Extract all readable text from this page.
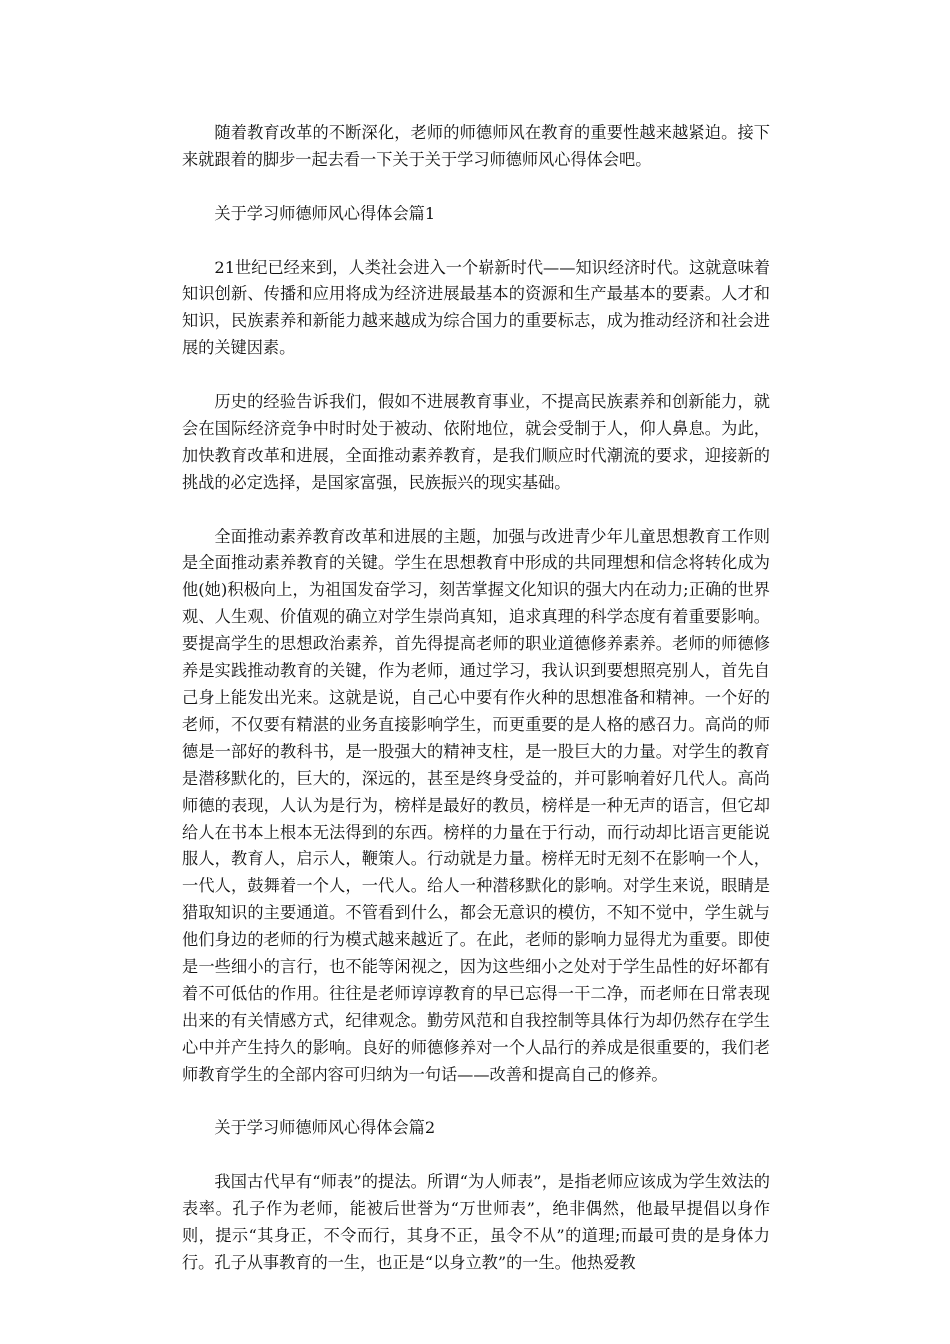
随着教育改革的不断深化，老师的师德师风在教育的重要性越来越紧迫。接下来就跟着的脚步一起去看一下关于关于学习师德师风心得体会吧。

关于学习师德师风心得体会篇1

21世纪已经来到，人类社会进入一个崭新时代——知识经济时代。这就意味着知识创新、传播和应用将成为经济进展最基本的资源和生产最基本的要素。人才和知识，民族素养和新能力越来越成为综合国力的重要标志，成为推动经济和社会进展的关键因素。

历史的经验告诉我们，假如不进展教育事业，不提高民族素养和创新能力，就会在国际经济竞争中时时处于被动、依附地位，就会受制于人，仰人鼻息。为此，加快教育改革和进展，全面推动素养教育，是我们顺应时代潮流的要求，迎接新的挑战的必定选择，是国家富强，民族振兴的现实基础。

全面推动素养教育改革和进展的主题，加强与改进青少年儿童思想教育工作则是全面推动素养教育的关键。学生在思想教育中形成的共同理想和信念将转化成为他(她)积极向上，为祖国发奋学习，刻苦掌握文化知识的强大内在动力;正确的世界观、人生观、价值观的确立对学生崇尚真知，追求真理的科学态度有着重要影响。要提高学生的思想政治素养，首先得提高老师的职业道德修养素养。老师的师德修养是实践推动教育的关键，作为老师，通过学习，我认识到要想照亮别人，首先自己身上能发出光来。这就是说，自己心中要有作火种的思想准备和精神。一个好的老师，不仅要有精湛的业务直接影响学生，而更重要的是人格的感召力。高尚的师德是一部好的教科书，是一股强大的精神支柱，是一股巨大的力量。对学生的教育是潜移默化的，巨大的，深远的，甚至是终身受益的，并可影响着好几代人。高尚师德的表现，人认为是行为，榜样是最好的教员，榜样是一种无声的语言，但它却给人在书本上根本无法得到的东西。榜样的力量在于行动，而行动却比语言更能说服人，教育人，启示人，鞭策人。行动就是力量。榜样无时无刻不在影响一个人，一代人，鼓舞着一个人，一代人。给人一种潜移默化的影响。对学生来说，眼睛是猎取知识的主要通道。不管看到什么，都会无意识的模仿，不知不觉中，学生就与他们身边的老师的行为模式越来越近了。在此，老师的影响力显得尤为重要。即使是一些细小的言行，也不能等闲视之，因为这些细小之处对于学生品性的好坏都有着不可低估的作用。往往是老师谆谆教育的早已忘得一干二净，而老师在日常表现出来的有关情感方式，纪律观念。勤劳风范和自我控制等具体行为却仍然存在学生心中并产生持久的影响。良好的师德修养对一个人品行的养成是很重要的，我们老师教育学生的全部内容可归纳为一句话——改善和提高自己的修养。

关于学习师德师风心得体会篇2

我国古代早有“师表”的提法。所谓“为人师表”，是指老师应该成为学生效法的表率。孔子作为老师，能被后世誉为“万世师表”，绝非偶然，他最早提倡以身作则，提示“其身正，不令而行，其身不正，虽令不从”的道理;而最可贵的是身体力行。孔子从事教育的一生，也正是“以身立教”的一生。他热爱教
